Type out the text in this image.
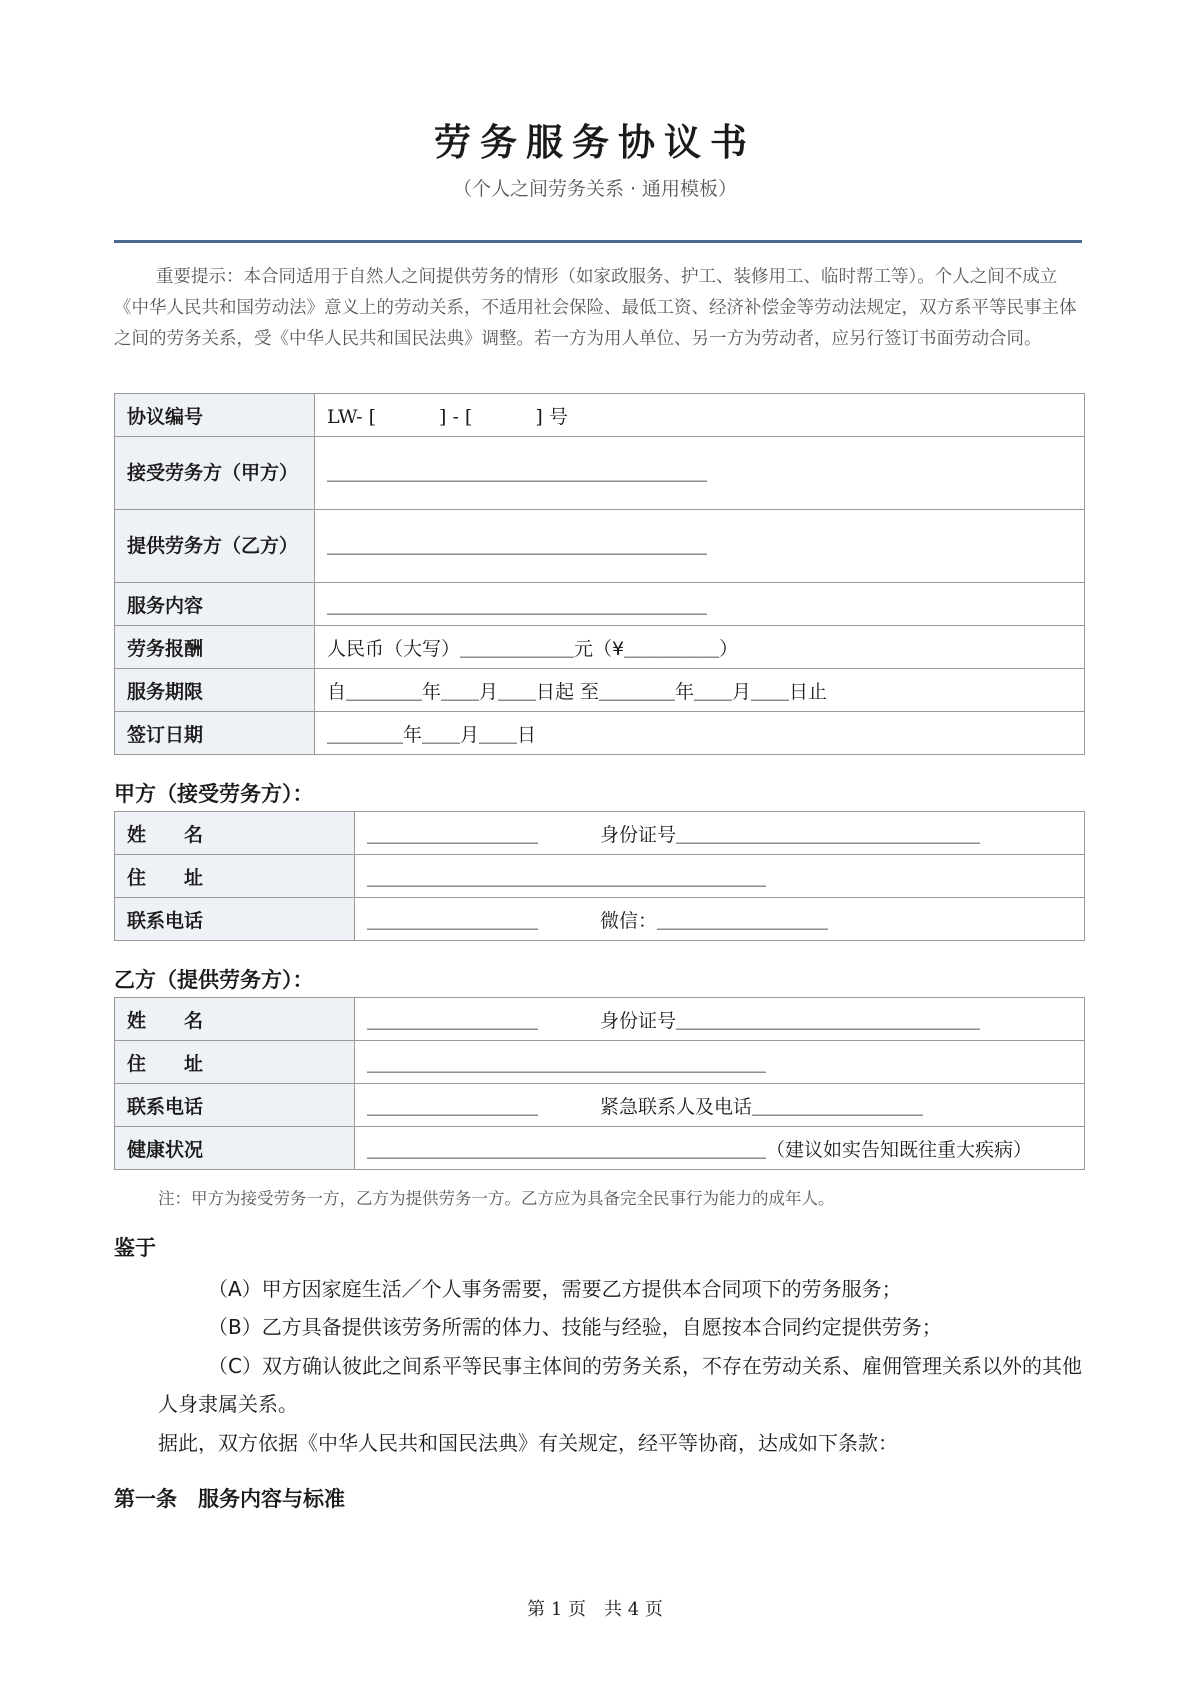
劳务服务协议书
（个人之间劳务关系 · 通用模板）

重要提示：本合同适用于自然人之间提供劳务的情形（如家政服务、护工、装修用工、临时帮工等）。个人之间不成立《中华人民共和国劳动法》意义上的劳动关系，不适用社会保险、最低工资、经济补偿金等劳动法规定，双方系平等民事主体之间的劳务关系，受《中华人民共和国民法典》调整。若一方为用人单位、另一方为劳动者，应另行签订书面劳动合同。

协议编号	LW- [ 　　　] - [ 　　　] 号
接受劳务方（甲方）	＿＿＿＿＿＿＿＿＿＿＿＿＿＿＿＿＿＿＿＿
提供劳务方（乙方）	＿＿＿＿＿＿＿＿＿＿＿＿＿＿＿＿＿＿＿＿
服务内容	＿＿＿＿＿＿＿＿＿＿＿＿＿＿＿＿＿＿＿＿
劳务报酬	人民币（大写）＿＿＿＿＿＿元（¥＿＿＿＿＿）
服务期限	自＿＿＿＿年＿＿月＿＿日起 至＿＿＿＿年＿＿月＿＿日止
签订日期	＿＿＿＿年＿＿月＿＿日
甲方（接受劳务方）：
姓　　名	＿＿＿＿＿＿＿＿＿ 身份证号＿＿＿＿＿＿＿＿＿＿＿＿＿＿＿＿
住　　址	＿＿＿＿＿＿＿＿＿＿＿＿＿＿＿＿＿＿＿＿＿
联系电话	＿＿＿＿＿＿＿＿＿ 微信：＿＿＿＿＿＿＿＿＿
乙方（提供劳务方）：
姓　　名	＿＿＿＿＿＿＿＿＿ 身份证号＿＿＿＿＿＿＿＿＿＿＿＿＿＿＿＿
住　　址	＿＿＿＿＿＿＿＿＿＿＿＿＿＿＿＿＿＿＿＿＿
联系电话	＿＿＿＿＿＿＿＿＿ 紧急联系人及电话＿＿＿＿＿＿＿＿＿
健康状况	＿＿＿＿＿＿＿＿＿＿＿＿＿＿＿＿＿＿＿＿＿（建议如实告知既往重大疾病）
注：甲方为接受劳务一方，乙方为提供劳务一方。乙方应为具备完全民事行为能力的成年人。
鉴于

（A）甲方因家庭生活／个人事务需要，需要乙方提供本合同项下的劳务服务；

（B）乙方具备提供该劳务所需的体力、技能与经验，自愿按本合同约定提供劳务；

（C）双方确认彼此之间系平等民事主体间的劳务关系，不存在劳动关系、雇佣管理关系以外的其他人身隶属关系。

据此，双方依据《中华人民共和国民法典》有关规定，经平等协商，达成如下条款：

第一条　服务内容与标准
第 1 页　共 4 页
